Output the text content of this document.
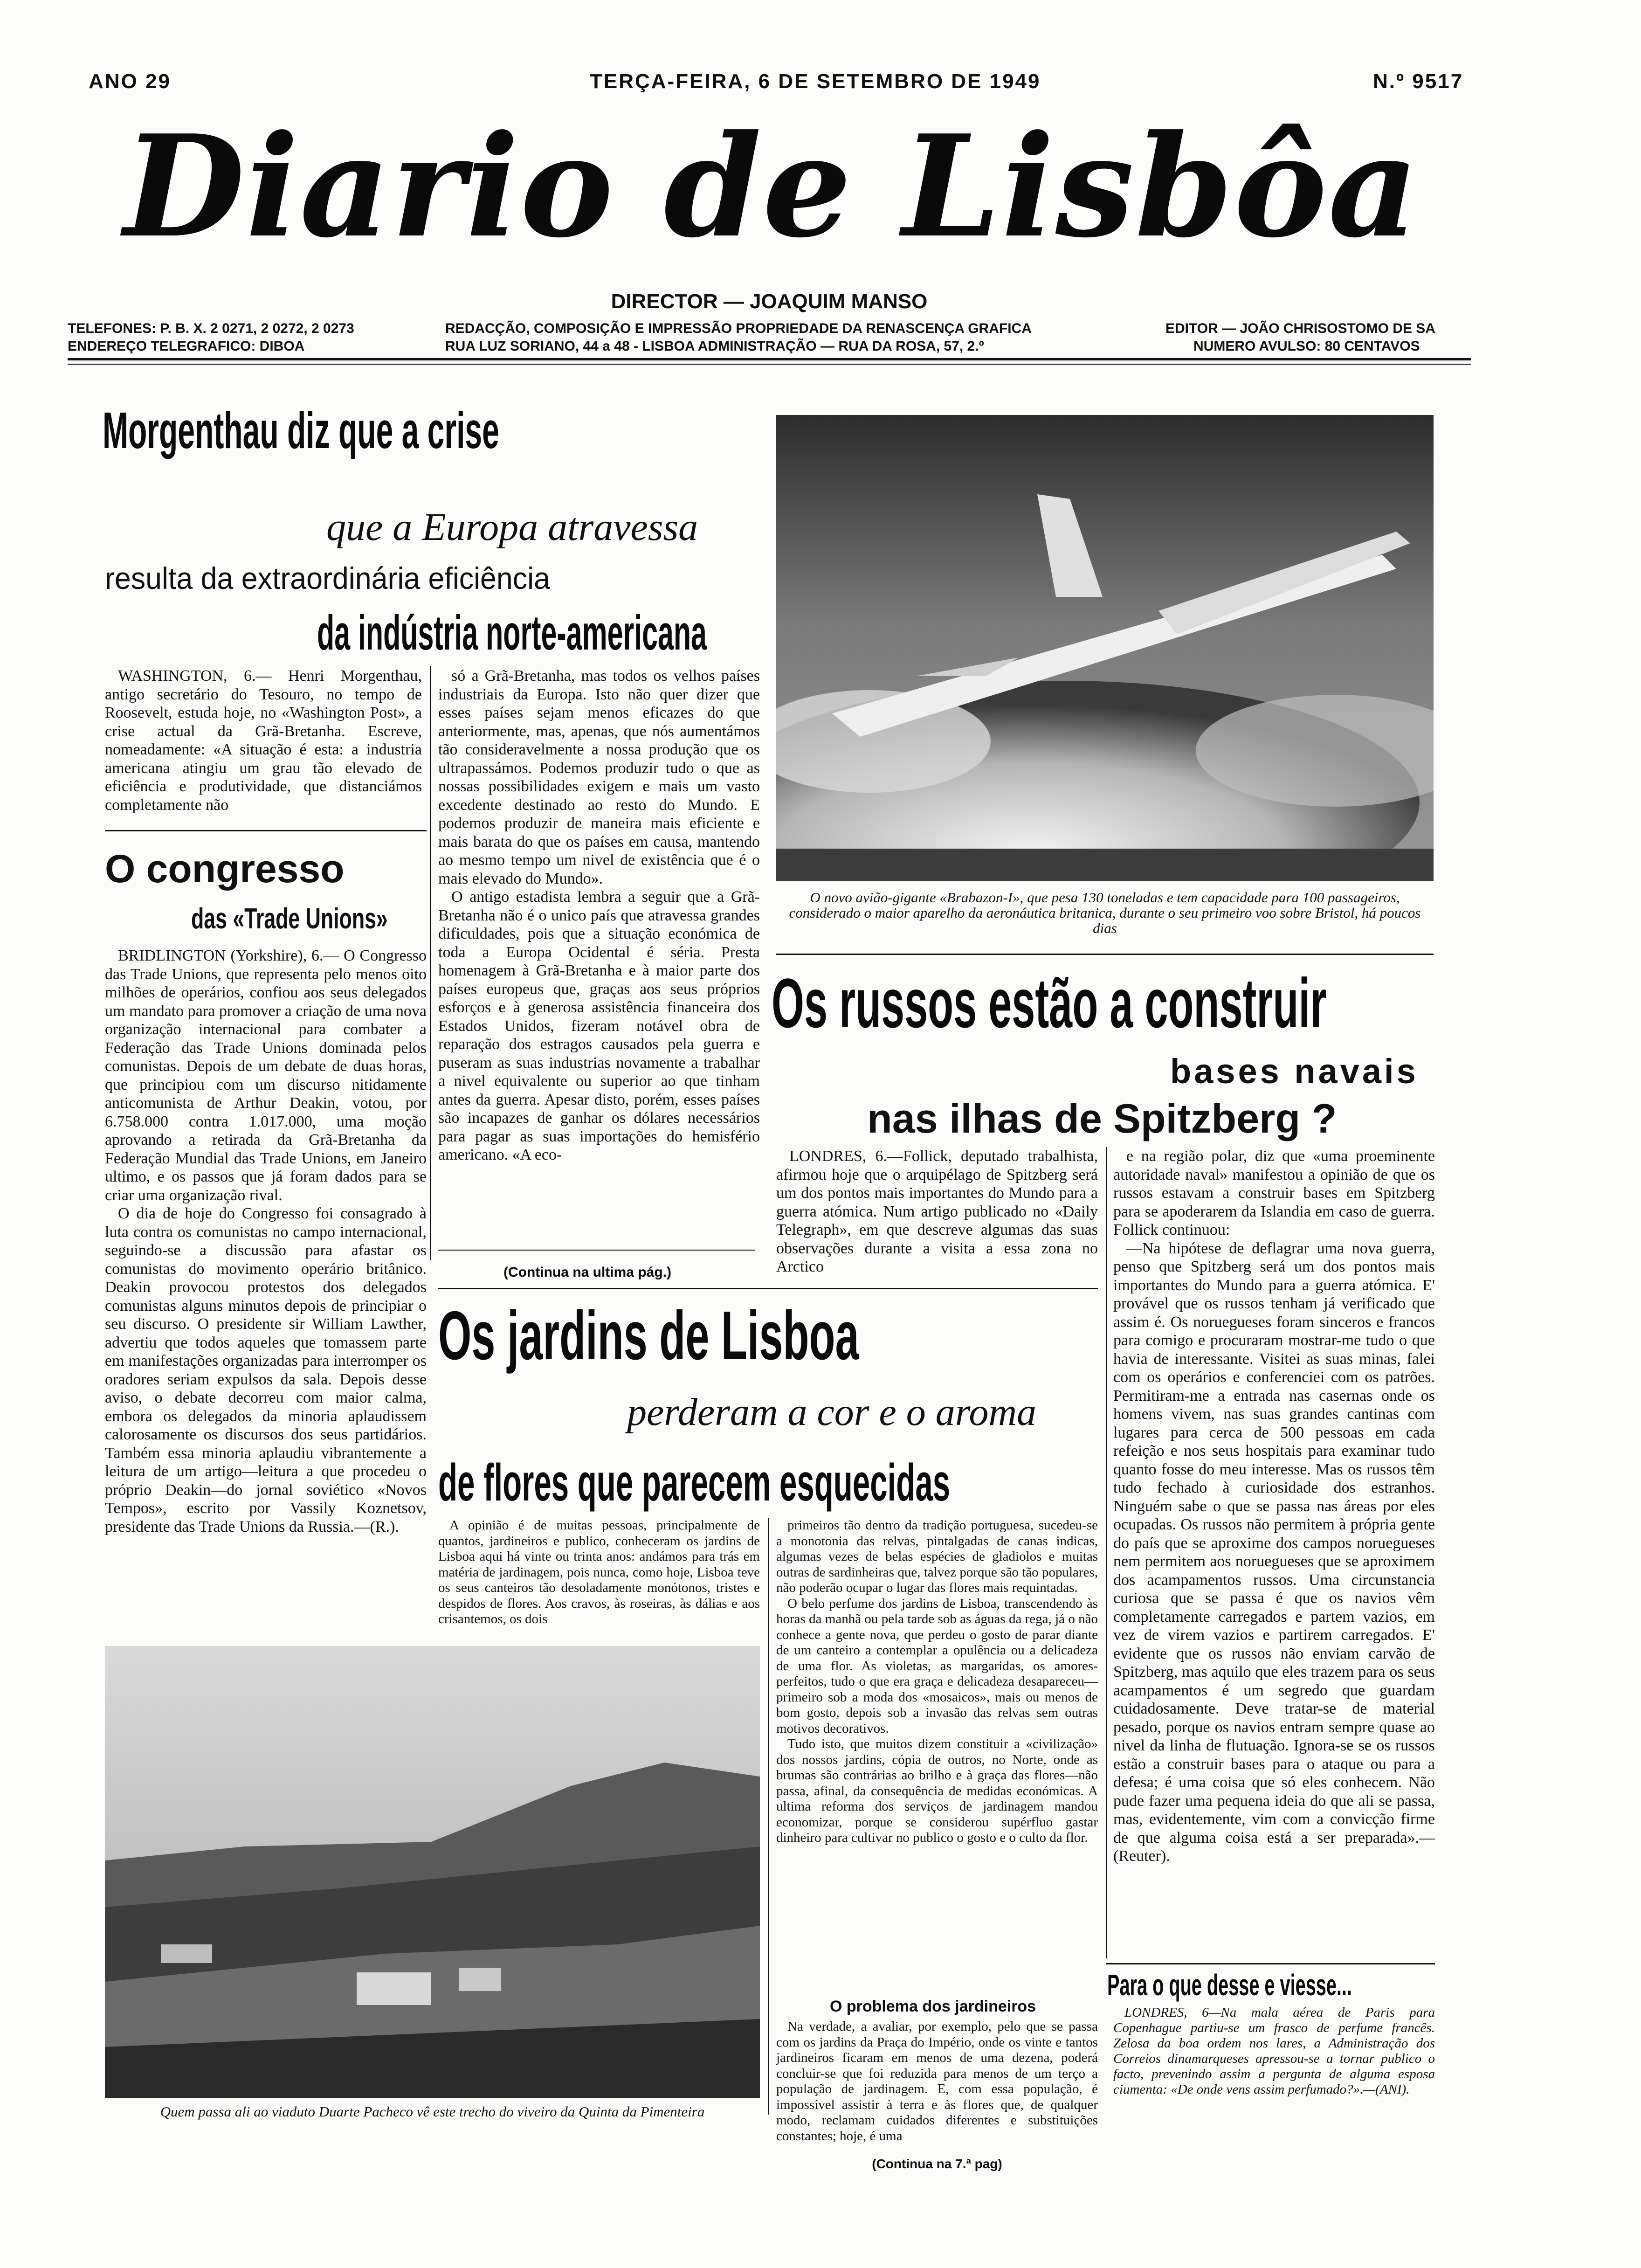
ANO 29	TERÇA-FEIRA, 6 DE SETEMBRO DE 1949	N.º 9517
Diario de Lisbôa
DIRECTOR — JOAQUIM MANSO
TELEFONES: P. B. X. 2 0271, 2 0272, 2 0273
ENDEREÇO TELEGRAFICO: DIBOA
REDACÇÃO, COMPOSIÇÃO E IMPRESSÃO PROPRIEDADE DA RENASCENÇA GRAFICA
RUA LUZ SORIANO, 44 a 48 - LISBOA ADMINISTRAÇÃO — RUA DA ROSA, 57, 2.º
EDITOR — JOÃO CHRISOSTOMO DE SA
NUMERO AVULSO: 80 CENTAVOS
Morgenthau diz que a crise
que a Europa atravessa
resulta da extraordinária eficiência
da indústria norte-americana

WASHINGTON, 6.— Henri Morgenthau, antigo secretário do Tesouro, no tempo de Roosevelt, estuda hoje, no «Washington Post», a crise actual da Grã-Bretanha. Escreve, nomeadamente: «A situação é esta: a industria americana atingiu um grau tão elevado de eficiência e produtividade, que distanciámos completamente não

só a Grã-Bretanha, mas todos os velhos países industriais da Europa. Isto não quer dizer que esses países sejam menos eficazes do que anteriormente, mas, apenas, que nós aumentámos tão consideravelmente a nossa produção que os ultrapassámos. Podemos produzir tudo o que as nossas possibilidades exigem e mais um vasto excedente destinado ao resto do Mundo. E podemos produzir de maneira mais eficiente e mais barata do que os países em causa, mantendo ao mesmo tempo um nivel de existência que é o mais elevado do Mundo».

O antigo estadista lembra a seguir que a Grã-Bretanha não é o unico país que atravessa grandes dificuldades, pois que a situação económica de toda a Europa Ocidental é séria. Presta homenagem à Grã-Bretanha e à maior parte dos países europeus que, graças aos seus próprios esforços e à generosa assistência financeira dos Estados Unidos, fizeram notável obra de reparação dos estragos causados pela guerra e puseram as suas industrias novamente a trabalhar a nivel equivalente ou superior ao que tinham antes da guerra. Apesar disto, porém, esses países são incapazes de ganhar os dólares necessários para pagar as suas importações do hemisfério americano. «A eco-

(Continua na ultima pág.)
O congresso
das «Trade Unions»

BRIDLINGTON (Yorkshire), 6.— O Congresso das Trade Unions, que representa pelo menos oito milhões de operários, confiou aos seus delegados um mandato para promover a criação de uma nova organização internacional para combater a Federação das Trade Unions dominada pelos comunistas. Depois de um debate de duas horas, que principiou com um discurso nitidamente anticomunista de Arthur Deakin, votou, por 6.758.000 contra 1.017.000, uma moção aprovando a retirada da Grã-Bretanha da Federação Mundial das Trade Unions, em Janeiro ultimo, e os passos que já foram dados para se criar uma organização rival.

O dia de hoje do Congresso foi consagrado à luta contra os comunistas no campo internacional, seguindo-se a discussão para afastar os comunistas do movimento operário britânico. Deakin provocou protestos dos delegados comunistas alguns minutos depois de principiar o seu discurso. O presidente sir William Lawther, advertiu que todos aqueles que tomassem parte em manifestações organizadas para interromper os oradores seriam expulsos da sala. Depois desse aviso, o debate decorreu com maior calma, embora os delegados da minoria aplaudissem calorosamente os discursos dos seus partidários. Também essa minoria aplaudiu vibrantemente a leitura de um artigo—leitura a que procedeu o próprio Deakin—do jornal soviético «Novos Tempos», escrito por Vassily Koznetsov, presidente das Trade Unions da Russia.—(R.).

O novo avião-gigante «Brabazon-I», que pesa 130 toneladas e tem capacidade para 100 passageiros, considerado o maior aparelho da aeronáutica britanica, durante o seu primeiro voo sobre Bristol, há poucos dias
Os russos estão a construir
bases navais
nas ilhas de Spitzberg ?

LONDRES, 6.—Follick, deputado trabalhista, afirmou hoje que o arquipélago de Spitzberg será um dos pontos mais importantes do Mundo para a guerra atómica. Num artigo publicado no «Daily Telegraph», em que descreve algumas das suas observações durante a visita a essa zona no Arctico

e na região polar, diz que «uma proeminente autoridade naval» manifestou a opinião de que os russos estavam a construir bases em Spitzberg para se apoderarem da Islandia em caso de guerra. Follick continuou:

—Na hipótese de deflagrar uma nova guerra, penso que Spitzberg será um dos pontos mais importantes do Mundo para a guerra atómica. E' provável que os russos tenham já verificado que assim é. Os noruegueses foram sinceros e francos para comigo e procuraram mostrar-me tudo o que havia de interessante. Visitei as suas minas, falei com os operários e conferenciei com os patrões. Permitiram-me a entrada nas casernas onde os homens vivem, nas suas grandes cantinas com lugares para cerca de 500 pessoas em cada refeição e nos seus hospitais para examinar tudo quanto fosse do meu interesse. Mas os russos têm tudo fechado à curiosidade dos estranhos. Ninguém sabe o que se passa nas áreas por eles ocupadas. Os russos não permitem à própria gente do país que se aproxime dos campos noruegueses nem permitem aos noruegueses que se aproximem dos acampamentos russos. Uma circunstancia curiosa que se passa é que os navios vêm completamente carregados e partem vazios, em vez de virem vazios e partirem carregados. E' evidente que os russos não enviam carvão de Spitzberg, mas aquilo que eles trazem para os seus acampamentos é um segredo que guardam cuidadosamente. Deve tratar-se de material pesado, porque os navios entram sempre quase ao nivel da linha de flutuação. Ignora-se se os russos estão a construir bases para o ataque ou para a defesa; é uma coisa que só eles conhecem. Não pude fazer uma pequena ideia do que ali se passa, mas, evidentemente, vim com a convicção firme de que alguma coisa está a ser preparada».—(Reuter).

Os jardins de Lisboa
perderam a cor e o aroma
de flores que parecem esquecidas

A opinião é de muitas pessoas, principalmente de quantos, jardineiros e publico, conheceram os jardins de Lisboa aqui há vinte ou trinta anos: andámos para trás em matéria de jardinagem, pois nunca, como hoje, Lisboa teve os seus canteiros tão desoladamente monótonos, tristes e despidos de flores. Aos cravos, às roseiras, às dálias e aos crisantemos, os dois

primeiros tão dentro da tradição portuguesa, sucedeu-se a monotonia das relvas, pintalgadas de canas indicas, algumas vezes de belas espécies de gladiolos e muitas outras de sardinheiras que, talvez porque são tão populares, não poderão ocupar o lugar das flores mais requintadas.

O belo perfume dos jardins de Lisboa, transcendendo às horas da manhã ou pela tarde sob as águas da rega, já o não conhece a gente nova, que perdeu o gosto de parar diante de um canteiro a contemplar a opulência ou a delicadeza de uma flor. As violetas, as margaridas, os amores-perfeitos, tudo o que era graça e delicadeza desapareceu—primeiro sob a moda dos «mosaicos», mais ou menos de bom gosto, depois sob a invasão das relvas sem outras motivos decorativos.

Tudo isto, que muitos dizem constituir a «civilização» dos nossos jardins, cópia de outros, no Norte, onde as brumas são contrárias ao brilho e à graça das flores—não passa, afinal, da consequência de medidas económicas. A ultima reforma dos serviços de jardinagem mandou economizar, porque se considerou supérfluo gastar dinheiro para cultivar no publico o gosto e o culto da flor.

O problema dos jardineiros

Na verdade, a avaliar, por exemplo, pelo que se passa com os jardins da Praça do Império, onde os vinte e tantos jardineiros ficaram em menos de uma dezena, poderá concluir-se que foi reduzida para menos de um terço a população de jardinagem. E, com essa população, é impossível assistir à terra e às flores que, de qualquer modo, reclamam cuidados diferentes e substituições constantes; hoje, é uma

(Continua na 7.ª pag)
Quem passa ali ao viaduto Duarte Pacheco vê este trecho do viveiro da Quinta da Pimenteira
Para o que desse e viesse...

LONDRES, 6—Na mala aérea de Paris para Copenhague partiu-se um frasco de perfume francês. Zelosa da boa ordem nos lares, a Administração dos Correios dinamarqueses apressou-se a tornar publico o facto, prevenindo assim a pergunta de alguma esposa ciumenta: «De onde vens assim perfumado?».—(ANI).
